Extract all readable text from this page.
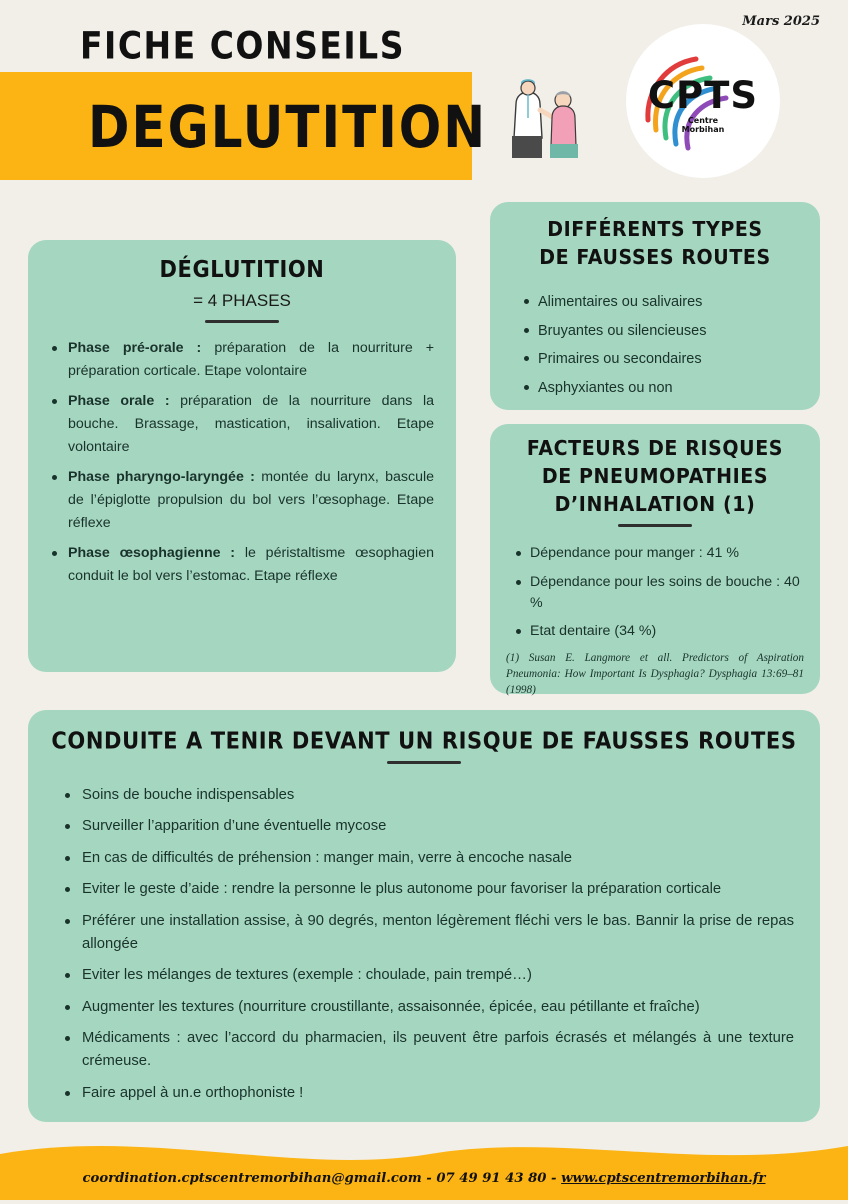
Mars 2025
FICHE CONSEILS
DEGLUTITION	CPTS
Centre
Morbihan
DÉGLUTITION
= 4 PHASES
Phase pré-orale : préparation de la nourriture + préparation corticale. Etape volontaire
Phase orale : préparation de la nourriture dans la bouche. Brassage, mastication, insalivation. Etape volontaire
Phase pharyngo-laryngée : montée du larynx, bascule de l’épiglotte propulsion du bol vers l’œsophage. Etape réflexe
Phase œsophagienne : le péristaltisme œsophagien conduit le bol vers l’estomac. Etape réflexe
DIFFÉRENTS TYPES
DE FAUSSES ROUTES
Alimentaires ou salivaires
Bruyantes ou silencieuses
Primaires ou secondaires
Asphyxiantes ou non
FACTEURS DE RISQUES
DE PNEUMOPATHIES
D’INHALATION (1)
Dépendance pour manger : 41 %
Dépendance pour les soins de bouche : 40 %
Etat dentaire (34 %)
(1) Susan E. Langmore et all. Predictors of Aspiration Pneumonia: How Important Is Dysphagia? Dysphagia 13:69–81 (1998)
CONDUITE A TENIR DEVANT UN RISQUE DE FAUSSES ROUTES
Soins de bouche indispensables
Surveiller l’apparition d’une éventuelle mycose
En cas de difficultés de préhension : manger main, verre à encoche nasale
Eviter le geste d’aide : rendre la personne le plus autonome pour favoriser la préparation corticale
Préférer une installation assise, à 90 degrés, menton légèrement fléchi vers le bas. Bannir la prise de repas allongée
Eviter les mélanges de textures (exemple : choulade, pain trempé…)
Augmenter les textures (nourriture croustillante, assaisonnée, épicée, eau pétillante et fraîche)
Médicaments : avec l’accord du pharmacien, ils peuvent être parfois écrasés et mélangés à une texture crémeuse.
Faire appel à un.e orthophoniste !
coordination.cptscentremorbihan@gmail.com - 07 49 91 43 80 - www.cptscentremorbihan.fr
